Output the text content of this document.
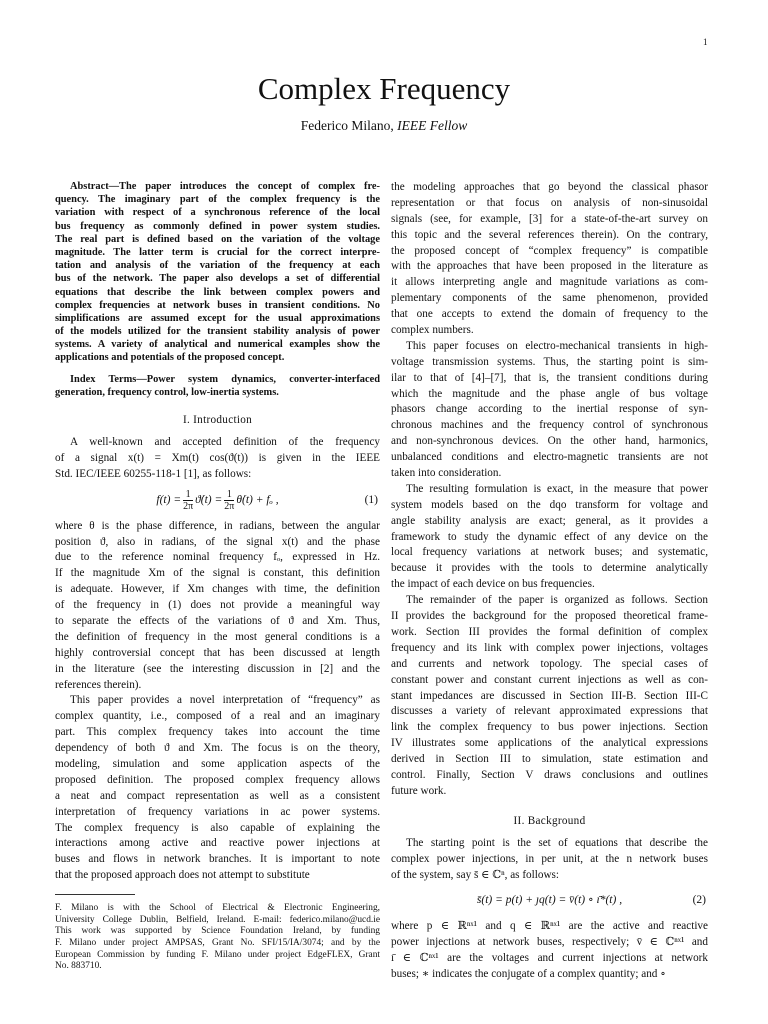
1
Complex Frequency
Federico Milano, IEEE Fellow
Abstract—The paper introduces the concept of complex fre-
quency. The imaginary part of the complex frequency is the
variation with respect of a synchronous reference of the local
bus frequency as commonly defined in power system studies.
The real part is defined based on the variation of the voltage
magnitude. The latter term is crucial for the correct interpre-
tation and analysis of the variation of the frequency at each
bus of the network. The paper also develops a set of differential
equations that describe the link between complex powers and
complex frequencies at network buses in transient conditions. No
simplifications are assumed except for the usual approximations
of the models utilized for the transient stability analysis of power
systems. A variety of analytical and numerical examples show the
applications and potentials of the proposed concept.
Index Terms—Power system dynamics, converter-interfaced
generation, frequency control, low-inertia systems.
I. Introduction
A well-known and accepted definition of the frequency
of a signal x(t) = Xm(t) cos(ϑ(t)) is given in the IEEE
Std. IEC/IEEE 60255-118-1 [1], as follows:
$f(t) = \frac{1}{2\pi}$ ϑ̇(t) = $\frac{1}{2\pi}$ θ̇(t) + fₒ ,	(1)
where θ is the phase difference, in radians, between the angular
position ϑ, also in radians, of the signal x(t) and the phase
due to the reference nominal frequency fₒ, expressed in Hz.
If the magnitude Xm of the signal is constant, this definition
is adequate. However, if Xm changes with time, the definition
of the frequency in (1) does not provide a meaningful way
to separate the effects of the variations of ϑ and Xm. Thus,
the definition of frequency in the most general conditions is a
highly controversial concept that has been discussed at length
in the literature (see the interesting discussion in [2] and the
references therein).
This paper provides a novel interpretation of “frequency” as
complex quantity, i.e., composed of a real and an imaginary
part. This complex frequency takes into account the time
dependency of both ϑ and Xm. The focus is on the theory,
modeling, simulation and some application aspects of the
proposed definition. The proposed complex frequency allows
a neat and compact representation as well as a consistent
interpretation of frequency variations in ac power systems.
The complex frequency is also capable of explaining the
interactions among active and reactive power injections at
buses and flows in network branches. It is important to note
that the proposed approach does not attempt to substitute
F. Milano is with the School of Electrical & Electronic Engineering,
University College Dublin, Belfield, Ireland. E-mail: federico.milano@ucd.ie
This work was supported by Science Foundation Ireland, by funding
F. Milano under project AMPSAS, Grant No. SFI/15/IA/3074; and by the
European Commission by funding F. Milano under project EdgeFLEX, Grant
No. 883710.
the modeling approaches that go beyond the classical phasor
representation or that focus on analysis of non-sinusoidal
signals (see, for example, [3] for a state-of-the-art survey on
this topic and the several references therein). On the contrary,
the proposed concept of “complex frequency” is compatible
with the approaches that have been proposed in the literature as
it allows interpreting angle and magnitude variations as com-
plementary components of the same phenomenon, provided
that one accepts to extend the domain of frequency to the
complex numbers.
This paper focuses on electro-mechanical transients in high-
voltage transmission systems. Thus, the starting point is sim-
ilar to that of [4]–[7], that is, the transient conditions during
which the magnitude and the phase angle of bus voltage
phasors change according to the inertial response of syn-
chronous machines and the frequency control of synchronous
and non-synchronous devices. On the other hand, harmonics,
unbalanced conditions and electro-magnetic transients are not
taken into consideration.
The resulting formulation is exact, in the measure that power
system models based on the dqo transform for voltage and
angle stability analysis are exact; general, as it provides a
framework to study the dynamic effect of any device on the
local frequency variations at network buses; and systematic,
because it provides with the tools to determine analytically
the impact of each device on bus frequencies.
The remainder of the paper is organized as follows. Section
II provides the background for the proposed theoretical frame-
work. Section III provides the formal definition of complex
frequency and its link with complex power injections, voltages
and currents and network topology. The special cases of
constant power and constant current injections as well as con-
stant impedances are discussed in Section III-B. Section III-C
discusses a variety of relevant approximated expressions that
link the complex frequency to bus power injections. Section
IV illustrates some applications of the analytical expressions
derived in Section III to simulation, state estimation and
control. Finally, Section V draws conclusions and outlines
future work.
II. Background
The starting point is the set of equations that describe the
complex power injections, in per unit, at the n network buses
of the system, say s̄ ∈ ℂⁿ, as follows:
s̄(t) = p(t) + ȷq(t) = v̄(t) ∘ ı̄*(t) ,	(2)
where p ∈ ℝⁿˣ¹ and q ∈ ℝⁿˣ¹ are the active and reactive
power injections at network buses, respectively; v̄ ∈ ℂⁿˣ¹ and
ı̄ ∈ ℂⁿˣ¹ are the voltages and current injections at network
buses; ∗ indicates the conjugate of a complex quantity; and ∘
